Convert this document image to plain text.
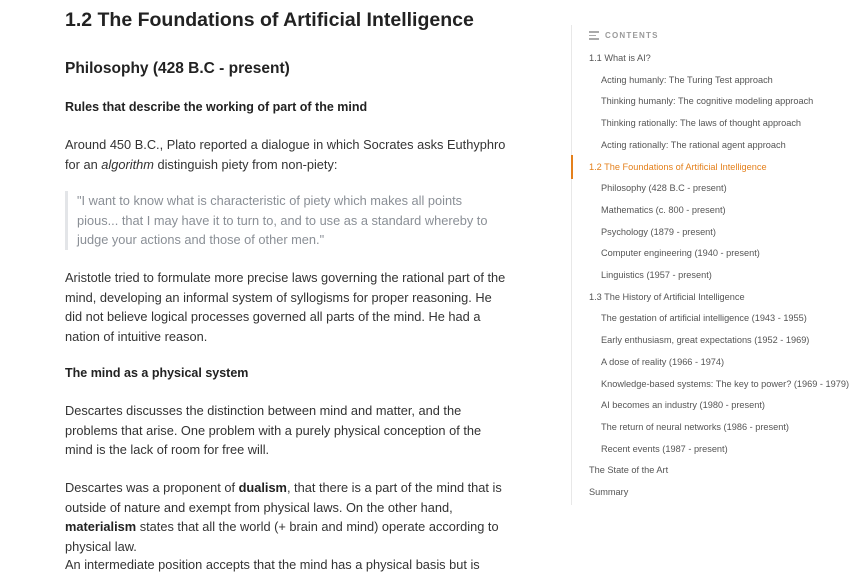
1.2 The Foundations of Artificial Intelligence
Philosophy (428 B.C - present)
Rules that describe the working of part of the mind

Around 450 B.C., Plato reported a dialogue in which Socrates asks Euthyphro for an algorithm distinguish piety from non-piety:

"I want to know what is characteristic of piety which makes all points pious... that I may have it to turn to, and to use as a standard whereby to judge your actions and those of other men."

Aristotle tried to formulate more precise laws governing the rational part of the mind, developing an informal system of syllogisms for proper reasoning. He did not believe logical processes governed all parts of the mind. He had a nation of intuitive reason.

The mind as a physical system

Descartes discusses the distinction between mind and matter, and the problems that arise. One problem with a purely physical conception of the mind is the lack of room for free will.

Descartes was a proponent of dualism, that there is a part of the mind that is outside of nature and exempt from physical laws. On the other hand, materialism states that all the world (+ brain and mind) operate according to physical law.

An intermediate position accepts that the mind has a physical basis but is

CONTENTS
1.1 What is AI?
Acting humanly: The Turing Test approach
Thinking humanly: The cognitive modeling approach
Thinking rationally: The laws of thought approach
Acting rationally: The rational agent approach
1.2 The Foundations of Artificial Intelligence
Philosophy (428 B.C - present)
Mathematics (c. 800 - present)
Psychology (1879 - present)
Computer engineering (1940 - present)
Linguistics (1957 - present)
1.3 The History of Artificial Intelligence
The gestation of artificial intelligence (1943 - 1955)
Early enthusiasm, great expectations (1952 - 1969)
A dose of reality (1966 - 1974)
Knowledge-based systems: The key to power? (1969 - 1979)
AI becomes an industry (1980 - present)
The return of neural networks (1986 - present)
Recent events (1987 - present)
The State of the Art
Summary
